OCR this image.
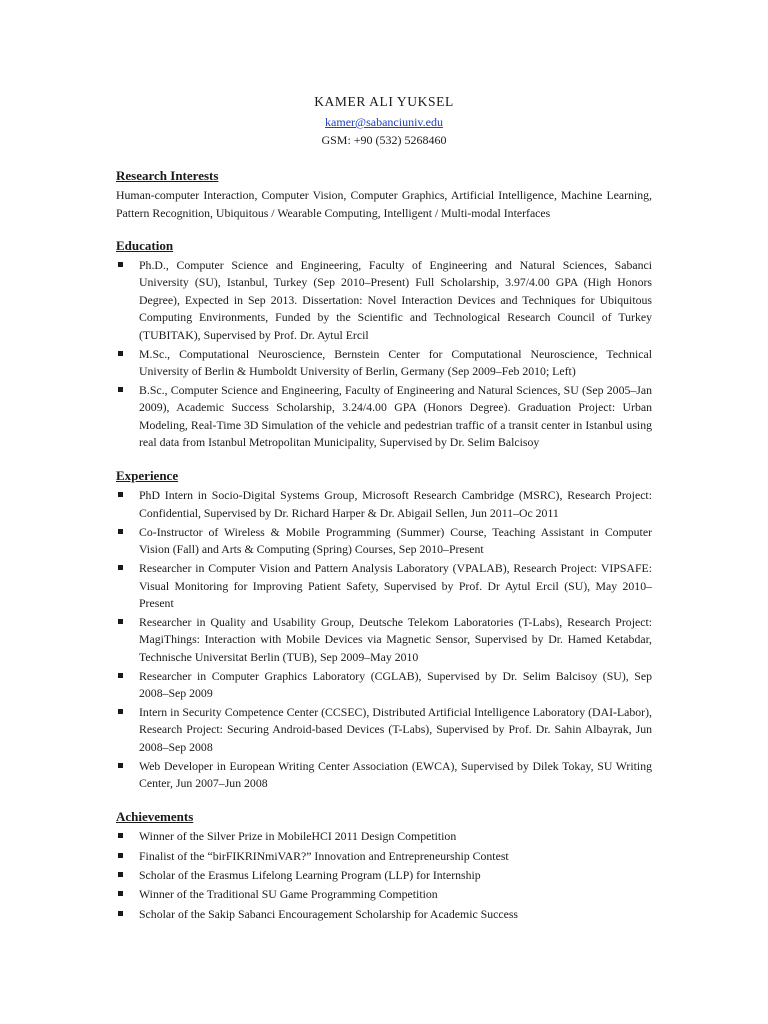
KAMER ALI YUKSEL
kamer@sabanciuniv.edu
GSM: +90 (532) 5268460
Research Interests

Human-computer Interaction, Computer Vision, Computer Graphics, Artificial Intelligence, Machine Learning, Pattern Recognition, Ubiquitous / Wearable Computing, Intelligent / Multi-modal Interfaces

Education
Ph.D., Computer Science and Engineering, Faculty of Engineering and Natural Sciences, Sabanci University (SU), Istanbul, Turkey (Sep 2010–Present) Full Scholarship, 3.97/4.00 GPA (High Honors Degree), Expected in Sep 2013. Dissertation: Novel Interaction Devices and Techniques for Ubiquitous Computing Environments, Funded by the Scientific and Technological Research Council of Turkey (TUBITAK), Supervised by Prof. Dr. Aytul Ercil
M.Sc., Computational Neuroscience, Bernstein Center for Computational Neuroscience, Technical University of Berlin & Humboldt University of Berlin, Germany (Sep 2009–Feb 2010; Left)
B.Sc., Computer Science and Engineering, Faculty of Engineering and Natural Sciences, SU (Sep 2005–Jan 2009), Academic Success Scholarship, 3.24/4.00 GPA (Honors Degree). Graduation Project: Urban Modeling, Real-Time 3D Simulation of the vehicle and pedestrian traffic of a transit center in Istanbul using real data from Istanbul Metropolitan Municipality, Supervised by Dr. Selim Balcisoy
Experience
PhD Intern in Socio-Digital Systems Group, Microsoft Research Cambridge (MSRC), Research Project: Confidential, Supervised by Dr. Richard Harper & Dr. Abigail Sellen, Jun 2011–Oc 2011
Co-Instructor of Wireless & Mobile Programming (Summer) Course, Teaching Assistant in Computer Vision (Fall) and Arts & Computing (Spring) Courses, Sep 2010–Present
Researcher in Computer Vision and Pattern Analysis Laboratory (VPALAB), Research Project: VIPSAFE: Visual Monitoring for Improving Patient Safety, Supervised by Prof. Dr Aytul Ercil (SU), May 2010–Present
Researcher in Quality and Usability Group, Deutsche Telekom Laboratories (T-Labs), Research Project: MagiThings: Interaction with Mobile Devices via Magnetic Sensor, Supervised by Dr. Hamed Ketabdar, Technische Universitat Berlin (TUB), Sep 2009–May 2010
Researcher in Computer Graphics Laboratory (CGLAB), Supervised by Dr. Selim Balcisoy (SU), Sep 2008–Sep 2009
Intern in Security Competence Center (CCSEC), Distributed Artificial Intelligence Laboratory (DAI-Labor), Research Project: Securing Android-based Devices (T-Labs), Supervised by Prof. Dr. Sahin Albayrak, Jun 2008–Sep 2008
Web Developer in European Writing Center Association (EWCA), Supervised by Dilek Tokay, SU Writing Center, Jun 2007–Jun 2008
Achievements
Winner of the Silver Prize in MobileHCI 2011 Design Competition
Finalist of the “birFIKRINmiVAR?” Innovation and Entrepreneurship Contest
Scholar of the Erasmus Lifelong Learning Program (LLP) for Internship
Winner of the Traditional SU Game Programming Competition
Scholar of the Sakip Sabanci Encouragement Scholarship for Academic Success
